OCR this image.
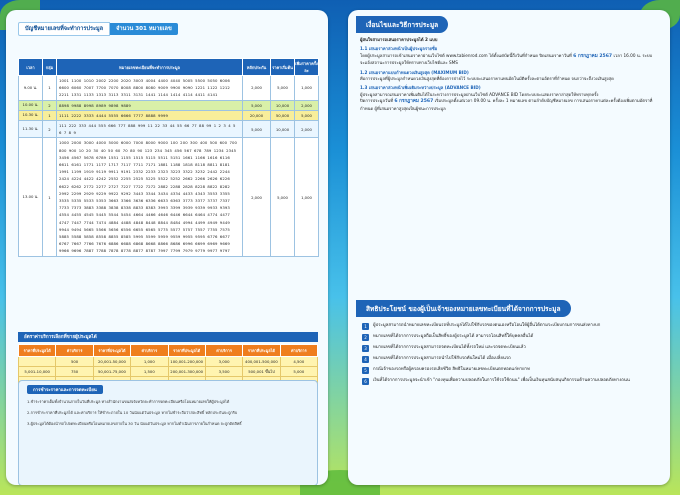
บัญชีหมายเลขที่จะทำการประมูล	จำนวน 301 หมายเลข
เวลา	กลุ่ม	หมายเลขทะเบียนที่จะทำการประมูล	หลักประกัน	ราคาเริ่มต้น	เพิ่มราคาครั้งละ
9.00 น.	1	1001 1100 1010 2002 2200 2020 3003 4004 4400 4040 5005 5500 5050 6006 6600 6060 7007 7700 7070 8008 8800 8080 9009 9900 9090 1221 1122 1212 2211 1331 1133 1313 3113 3311 3131 1441 1144 1414 4114 4411 4141	2,000	5,000	1,000
10.00 น.	2	8898 9988 8998 8989 9898 9889	5,000	10,000	2,000
10.30 น.	1	1111 2222 3333 4444 5555 6666 7777 8888 9999	20,000	50,000	5,000
11.30 น.	2	111 222 333 444 555 666 777 888 999 11 22 33 44 55 66 77 88 99 1 2 3 4 5 6 7 8 9	5,000	10,000	2,000
13.00 น.	1	1000 2000 3000 4000 5000 6000 7000 8000 9000 100 200 300 400 500 600 700 800 900 10 20 30 40 50 60 70 80 90 123 234 345 456 567 678 789 1234 2345 3456 4567 5678 6789 1551 1155 1515 5115 5511 5151 1661 1166 1616 6116 6611 6161 1771 1177 1717 7117 7711 7171 1881 1188 1818 8118 8811 8181 1991 1199 1919 9119 9911 9191 2332 2233 2323 3223 3322 3232 2442 2244 2424 4224 4422 4242 2552 2255 2525 5225 5522 5252 2662 2266 2626 6226 6622 6262 2772 2277 2727 7227 7722 7272 2882 2288 2828 8228 8822 8282 2992 2299 2929 9229 9922 9292 3443 3344 3434 4334 4433 4343 3553 3355 3535 5335 5533 5353 3663 3366 3636 6336 6633 6363 3773 3377 3737 7337 7733 7373 3883 3388 3838 8338 8833 8383 3993 3399 3939 9339 9933 9393 4554 4455 4545 5445 5544 5454 4664 4466 4646 6446 6644 6464 4774 4477 4747 7447 7744 7474 4884 4488 4848 8448 8844 8484 4994 4499 4949 9449 9944 9494 5665 5566 5656 6556 6655 6565 5775 5577 5757 7557 7755 7575 5885 5588 5858 8558 8855 8585 5995 5599 5959 9559 9955 9595 6776 6677 6767 7667 7766 7676 6886 6688 6868 8668 8866 8686 6996 6699 6969 9669 9966 9696 7887 7788 7878 8778 8877 8787 7997 7799 7979 9779 9977 9797	2,000	5,000	1,000
อัตราค่าบริการเลือกที่ขายผู้ประมูลได้
ราคาที่ประมูลได้	ค่าบริการ	ราคาที่ประมูลได้	ค่าบริการ	ราคาที่ประมูลได้	ค่าบริการ	ราคาที่ประมูลได้	ค่าบริการ
	500	20,001-50,000	1,000	100,001-200,000	3,000	400,001-500,000	4,500
5,001-10,000	750	50,001-75,000	1,500	200,001-300,000	3,500	500,001 ขึ้นไป	5,000

การชำระราคาและการจดทะเบียน

1.ชำระราคาเต็มทั้งจำนวนภายในวันที่ประมูล ทางสำนักงานขนส่งจังหวัดจะทำการจดทะเบียนหรือโอนหมายเลขให้ผู้ประมูลได้

2.การชำระราคาที่ประมูลได้ และค่าบริการ ให้ชำระภายใน 10 วันนับแต่วันประมูล หากไม่ชำระถือว่าสละสิทธิ์ หลักประกันจะถูกริบ

3.ผู้ประมูลได้ต้องนำรถไปจดทะเบียนหรือโอนหมายเลขภายใน 30 วัน นับแต่วันประมูล หากไม่ดำเนินการภายในกำหนด จะถูกตัดสิทธิ์

เงื่อนไขและวิธีการประมูล
ผู้สนใจสามารถเสนอราคาประมูลได้ 2 แบบ
1.1 เสนอราคาล่วงหน้าเป็นผู้ประมูลรายชื่อ
โดยผู้ประมูลสามารถเข้าเสนอราคาผ่านเว็บไซต์ www.tabienrod.com ได้ตั้งแต่บัดนี้ถึงวันที่กำหนด ปิดเสนอราคาวันที่ 6 กรกฎาคม 2567 เวลา 16.00 น. ระบบจะแจ้งสถานะการประมูลให้ทราบทางเว็บไซต์และ SMS
1.2 เสนอราคาแบบกำหนดวงเงินสูงสุด (MAXIMUM BID)
คือการประมูลที่ผู้ประมูลกำหนดวงเงินสูงสุดที่ต้องการจ่ายไว้ ระบบจะเสนอราคาแทนอัตโนมัติครั้งละตามอัตราที่กำหนด จนกว่าจะถึงวงเงินสูงสุด
1.3 เสนอราคาล่วงหน้าเพิ่มเติมระหว่างประมูล (ADVANCE BID)
ผู้ประมูลสามารถเสนอราคาเพิ่มเติมได้ในระหว่างการประมูลผ่านเว็บไซต์ ADVANCE BID โดยระบบจะแสดงราคาล่าสุดให้ทราบทุกครั้ง
ปิดการประมูลวันที่ 6 กรกฎาคม 2567 เริ่มประมูลตั้งแต่เวลา 09.00 น. ครั้งละ 1 หมายเลข ตามลำดับบัญชีหมายเลข การเสนอราคาแต่ละครั้งต้องเพิ่มตามอัตราที่กำหนด ผู้ที่เสนอราคาสูงสุดเป็นผู้ชนะการประมูล
สิทธิประโยชน์ ของผู้เป็นเจ้าของหมายเลขทะเบียนที่ได้จากการประมูล
1	ผู้ประมูลสามารถนำหมายเลขทะเบียนรถที่ประมูลได้ไปใช้กับรถของตนเองหรือโอนให้ผู้อื่นได้ตามระเบียบกรมการขนส่งทางบก
2	หมายเลขที่ได้จากการประมูลถือเป็นสิทธิ์ของผู้ประมูลได้ สามารถโอนสิทธิ์ให้บุคคลอื่นได้
3	หมายเลขที่ได้จากการประมูลสามารถจดทะเบียนได้ทั้งรถใหม่ และรถจดทะเบียนแล้ว
4	หมายเลขที่ได้จากการประมูลสามารถนำไปใช้กับรถคันใหม่ได้ เมื่อเปลี่ยนรถ
5	กรณีเจ้าของรถหรือผู้ครอบครองรถเสียชีวิต สิทธิในหมายเลขทะเบียนตกทอดแก่ทายาท
6	เงินที่ได้จากการประมูลจะนำเข้า "กองทุนเพื่อความปลอดภัยในการใช้รถใช้ถนน" เพื่อเป็นเงินทุนสนับสนุนกิจกรรมด้านความปลอดภัยทางถนน
